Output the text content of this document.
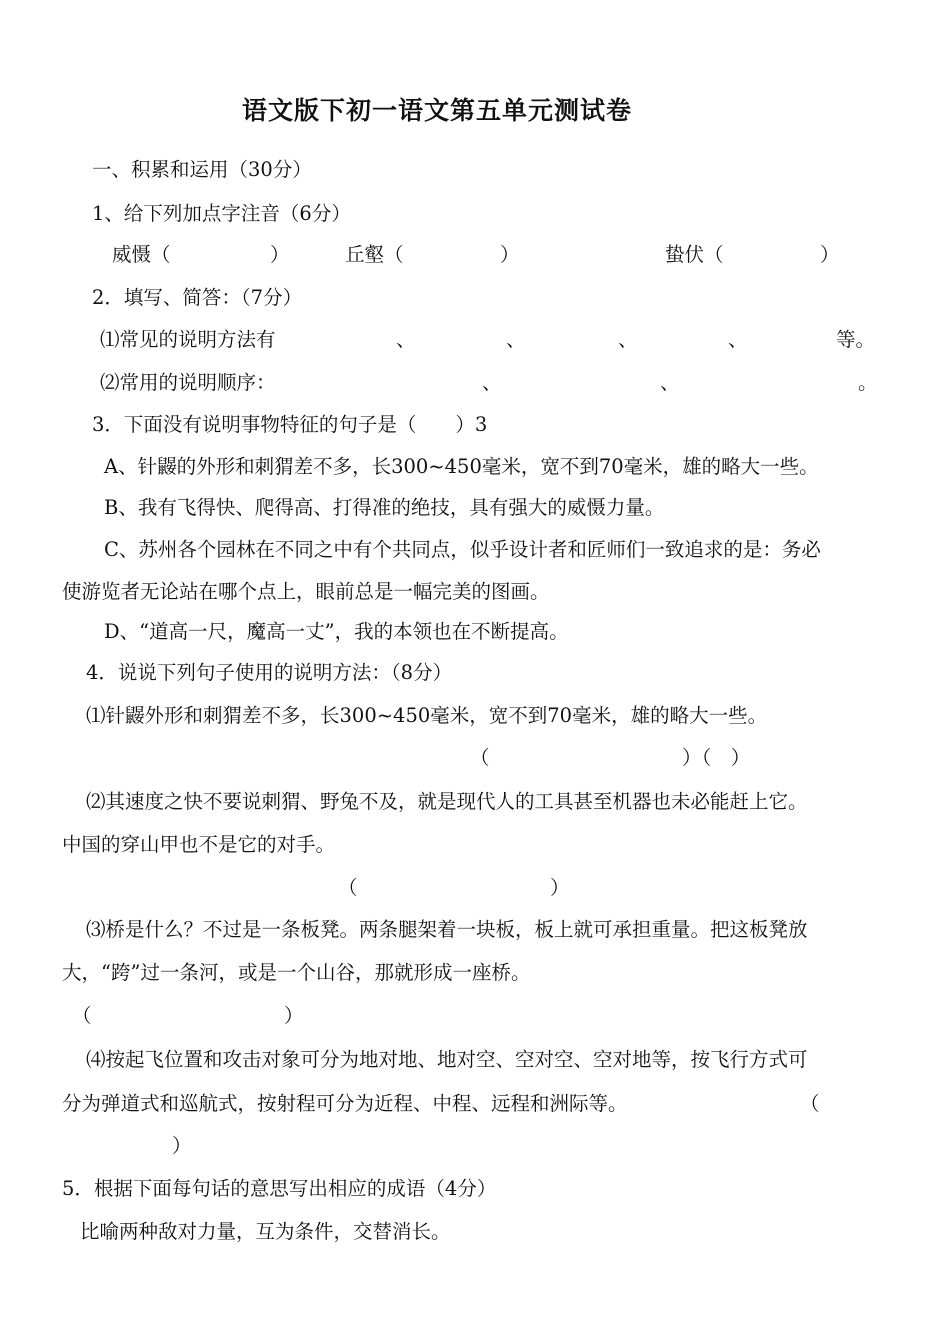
语文版下初一语文第五单元测试卷
一、积累和运用（30分）
1、给下列加点字注音（6分）
威慑（	）	丘壑（	）	蛰伏（	）
2．填写、简答：（7分）
⑴常见的说明方法有	、	、	、	、	等。
⑵常用的说明顺序：	、	、	。
3．下面没有说明事物特征的句子是（　　）3
A、针鼹的外形和刺猬差不多，长300~450毫米，宽不到70毫米，雄的略大一些。
B、我有飞得快、爬得高、打得准的绝技，具有强大的威慑力量。
C、苏州各个园林在不同之中有个共同点，似乎设计者和匠师们一致追求的是：务必
使游览者无论站在哪个点上，眼前总是一幅完美的图画。
D、“道高一尺，魔高一丈”，我的本领也在不断提高。
4．说说下列句子使用的说明方法：（8分）
⑴针鼹外形和刺猬差不多，长300~450毫米，宽不到70毫米，雄的略大一些。
（	）（　）
⑵其速度之快不要说刺猬、野兔不及，就是现代人的工具甚至机器也未必能赶上它。
中国的穿山甲也不是它的对手。
（	）
⑶桥是什么？不过是一条板凳。两条腿架着一块板，板上就可承担重量。把这板凳放
大，“跨”过一条河，或是一个山谷，那就形成一座桥。
（	）
⑷按起飞位置和攻击对象可分为地对地、地对空、空对空、空对地等，按飞行方式可
分为弹道式和巡航式，按射程可分为近程、中程、远程和洲际等。	（
）
5．根据下面每句话的意思写出相应的成语（4分）
比喻两种敌对力量，互为条件，交替消长。
